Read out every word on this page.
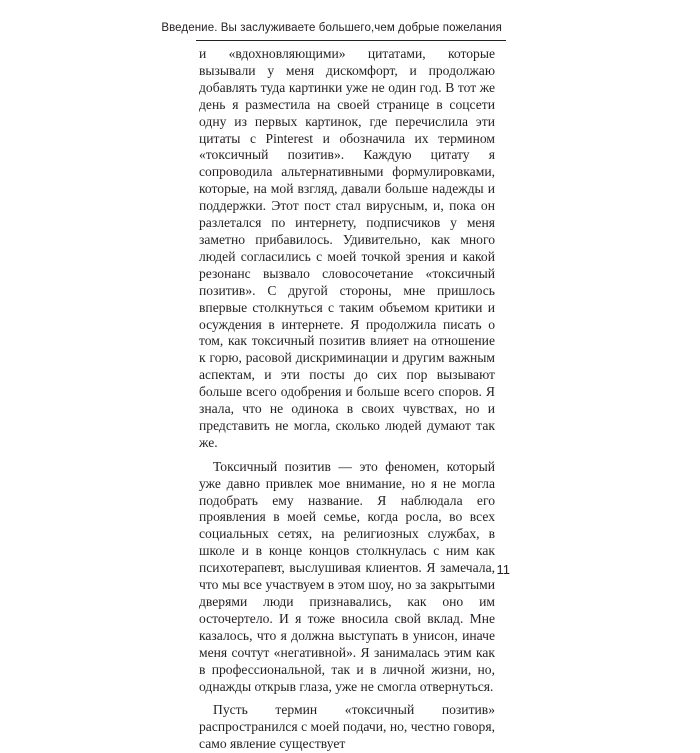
Введение. Вы заслуживаете большего,чем добрые пожелания

и «вдохновляющими» цитатами, которые вызывали у меня дискомфорт, и продолжаю добавлять туда картинки уже не один год. В тот же день я разместила на своей странице в соцсети одну из первых картинок, где перечислила эти цитаты с Pinterest и обозначила их термином «токсичный позитив». Каждую цитату я сопроводила альтернативными формулировками, которые, на мой взгляд, давали больше надежды и поддержки. Этот пост стал вирусным, и, пока он разлетался по интернету, подписчиков у меня заметно прибавилось. Удивительно, как много людей согласились с моей точкой зрения и какой резонанс вызвало словосочетание «токсичный позитив». С другой стороны, мне пришлось впервые столкнуться с таким объемом критики и осуждения в интернете. Я продолжила писать о том, как токсичный позитив влияет на отношение к горю, расовой дискриминации и другим важным аспектам, и эти посты до сих пор вызывают больше всего одобрения и больше всего споров. Я знала, что не одинока в своих чувствах, но и представить не могла, сколько людей думают так же.

Токсичный позитив — это феномен, который уже давно привлек мое внимание, но я не могла подобрать ему название. Я наблюдала его проявления в моей семье, когда росла, во всех социальных сетях, на религиозных службах, в школе и в конце концов столкнулась с ним как психотерапевт, выслушивая клиентов. Я замечала, что мы все участвуем в этом шоу, но за закрытыми дверями люди признавались, как оно им осточертело. И я тоже вносила свой вклад. Мне казалось, что я должна выступать в унисон, иначе меня сочтут «негативной». Я занималась этим как в профессиональной, так и в личной жизни, но, однажды открыв глаза, уже не смогла отвернуться.

Пусть термин «токсичный позитив» распространился с моей подачи, но, честно говоря, само явление существует

11
